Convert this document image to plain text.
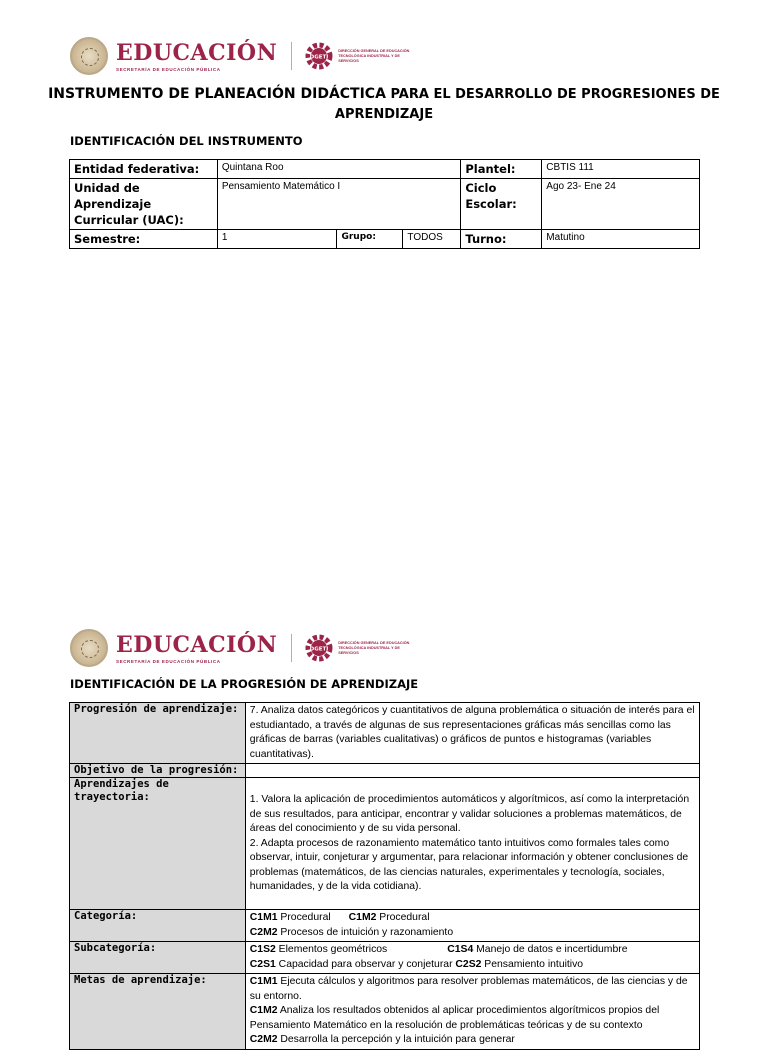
EDUCACIÓN
SECRETARÍA DE EDUCACIÓN PÚBLICA
DGETI
DIRECCIÓN GENERAL DE EDUCACIÓN TECNOLÓGICA INDUSTRIAL Y DE SERVICIOS
INSTRUMENTO DE PLANEACIÓN DIDÁCTICA PARA EL DESARROLLO DE PROGRESIONES DE
APRENDIZAJE
IDENTIFICACIÓN DEL INSTRUMENTO
Entidad federativa:	Quintana Roo			Plantel:	CBTIS 111
Unidad de Aprendizaje
Curricular (UAC):	Pensamiento Matemático I			Ciclo
Escolar:	Ago 23- Ene 24
Semestre:	1	Grupo:	TODOS	Turno:	Matutino
EDUCACIÓN
SECRETARÍA DE EDUCACIÓN PÚBLICA
DGETI
DIRECCIÓN GENERAL DE EDUCACIÓN TECNOLÓGICA INDUSTRIAL Y DE SERVICIOS
IDENTIFICACIÓN DE LA PROGRESIÓN DE APRENDIZAJE
Progresión de aprendizaje:	7. Analiza datos categóricos y cuantitativos de alguna problemática o situación de interés para el estudiantado, a través de algunas de sus representaciones gráficas más sencillas como las gráficas de barras (variables cualitativas) o gráficos de puntos e histogramas (variables cuantitativas).
Objetivo de la progresión:	
Aprendizajes de trayectoria:	1. Valora la aplicación de procedimientos automáticos y algorítmicos, así como la interpretación de sus resultados, para anticipar, encontrar y validar soluciones a problemas matemáticos, de áreas del conocimiento y de su vida personal.
2. Adapta procesos de razonamiento matemático tanto intuitivos como formales tales como observar, intuir, conjeturar y argumentar, para relacionar información y obtener conclusiones de problemas (matemáticos, de las ciencias naturales, experimentales y tecnología, sociales, humanidades, y de la vida cotidiana).

Categoría:	C1M1 Procedural C1M2 Procedural
C2M2 Procesos de intuición y razonamiento

Subcategoría:	C1S2 Elementos geométricos C1S4 Manejo de datos e incertidumbre
C2S1 Capacidad para observar y conjeturar C2S2 Pensamiento intuitivo

Metas de aprendizaje:	C1M1 Ejecuta cálculos y algoritmos para resolver problemas matemáticos, de las ciencias y de su entorno.
C1M2 Analiza los resultados obtenidos al aplicar procedimientos algorítmicos propios del Pensamiento Matemático en la resolución de problemáticas teóricas y de su contexto
C2M2 Desarrolla la percepción y la intuición para generar
